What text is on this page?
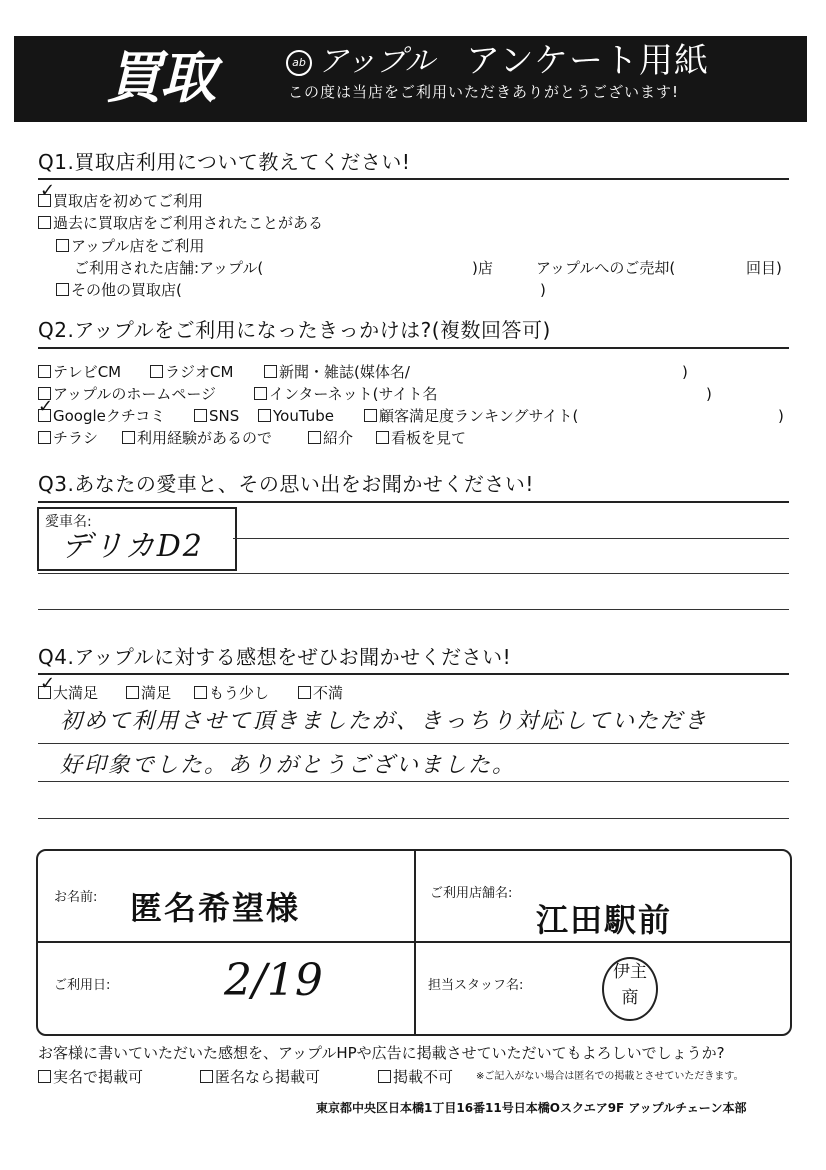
買取	ab アップル アンケート用紙
この度は当店をご利用いただきありがとうございます!
Q1.買取店利用について教えてください!
買取店を初めてご利用
✓
過去に買取店をご利用されたことがある
アップル店をご利用
ご利用された店舗:アップル(	)店	アップルへのご売却(	回目)
その他の買取店(	)
Q2.アップルをご利用になったきっかけは?(複数回答可)
テレビCM	ラジオCM	新聞・雑誌(媒体名/	)
アップルのホームページ	インターネット(サイト名	)
Googleクチコミ
✓	SNS	YouTube	顧客満足度ランキングサイト(	)
チラシ	利用経験があるので	紹介	看板を見て
Q3.あなたの愛車と、その思い出をお聞かせください!
愛車名:
デリカD2
Q4.アップルに対する感想をぜひお聞かせください!
大満足
✓	満足	もう少し	不満
初めて利用させて頂きましたが、きっちり対応していただき
好印象でした。ありがとうございました。
お名前: 匿名希望様	ご利用店舗名:
江田駅前
ご利用日:	2/19	担当スタッフ名:
伊主
商
お客様に書いていただいた感想を、アップルHPや広告に掲載させていただいてもよろしいでしょうか?
実名で掲載可	匿名なら掲載可	掲載不可 ※ご記入がない場合は匿名での掲載とさせていただきます。
東京都中央区日本橋1丁目16番11号日本橋Oスクエア9F アップルチェーン本部
